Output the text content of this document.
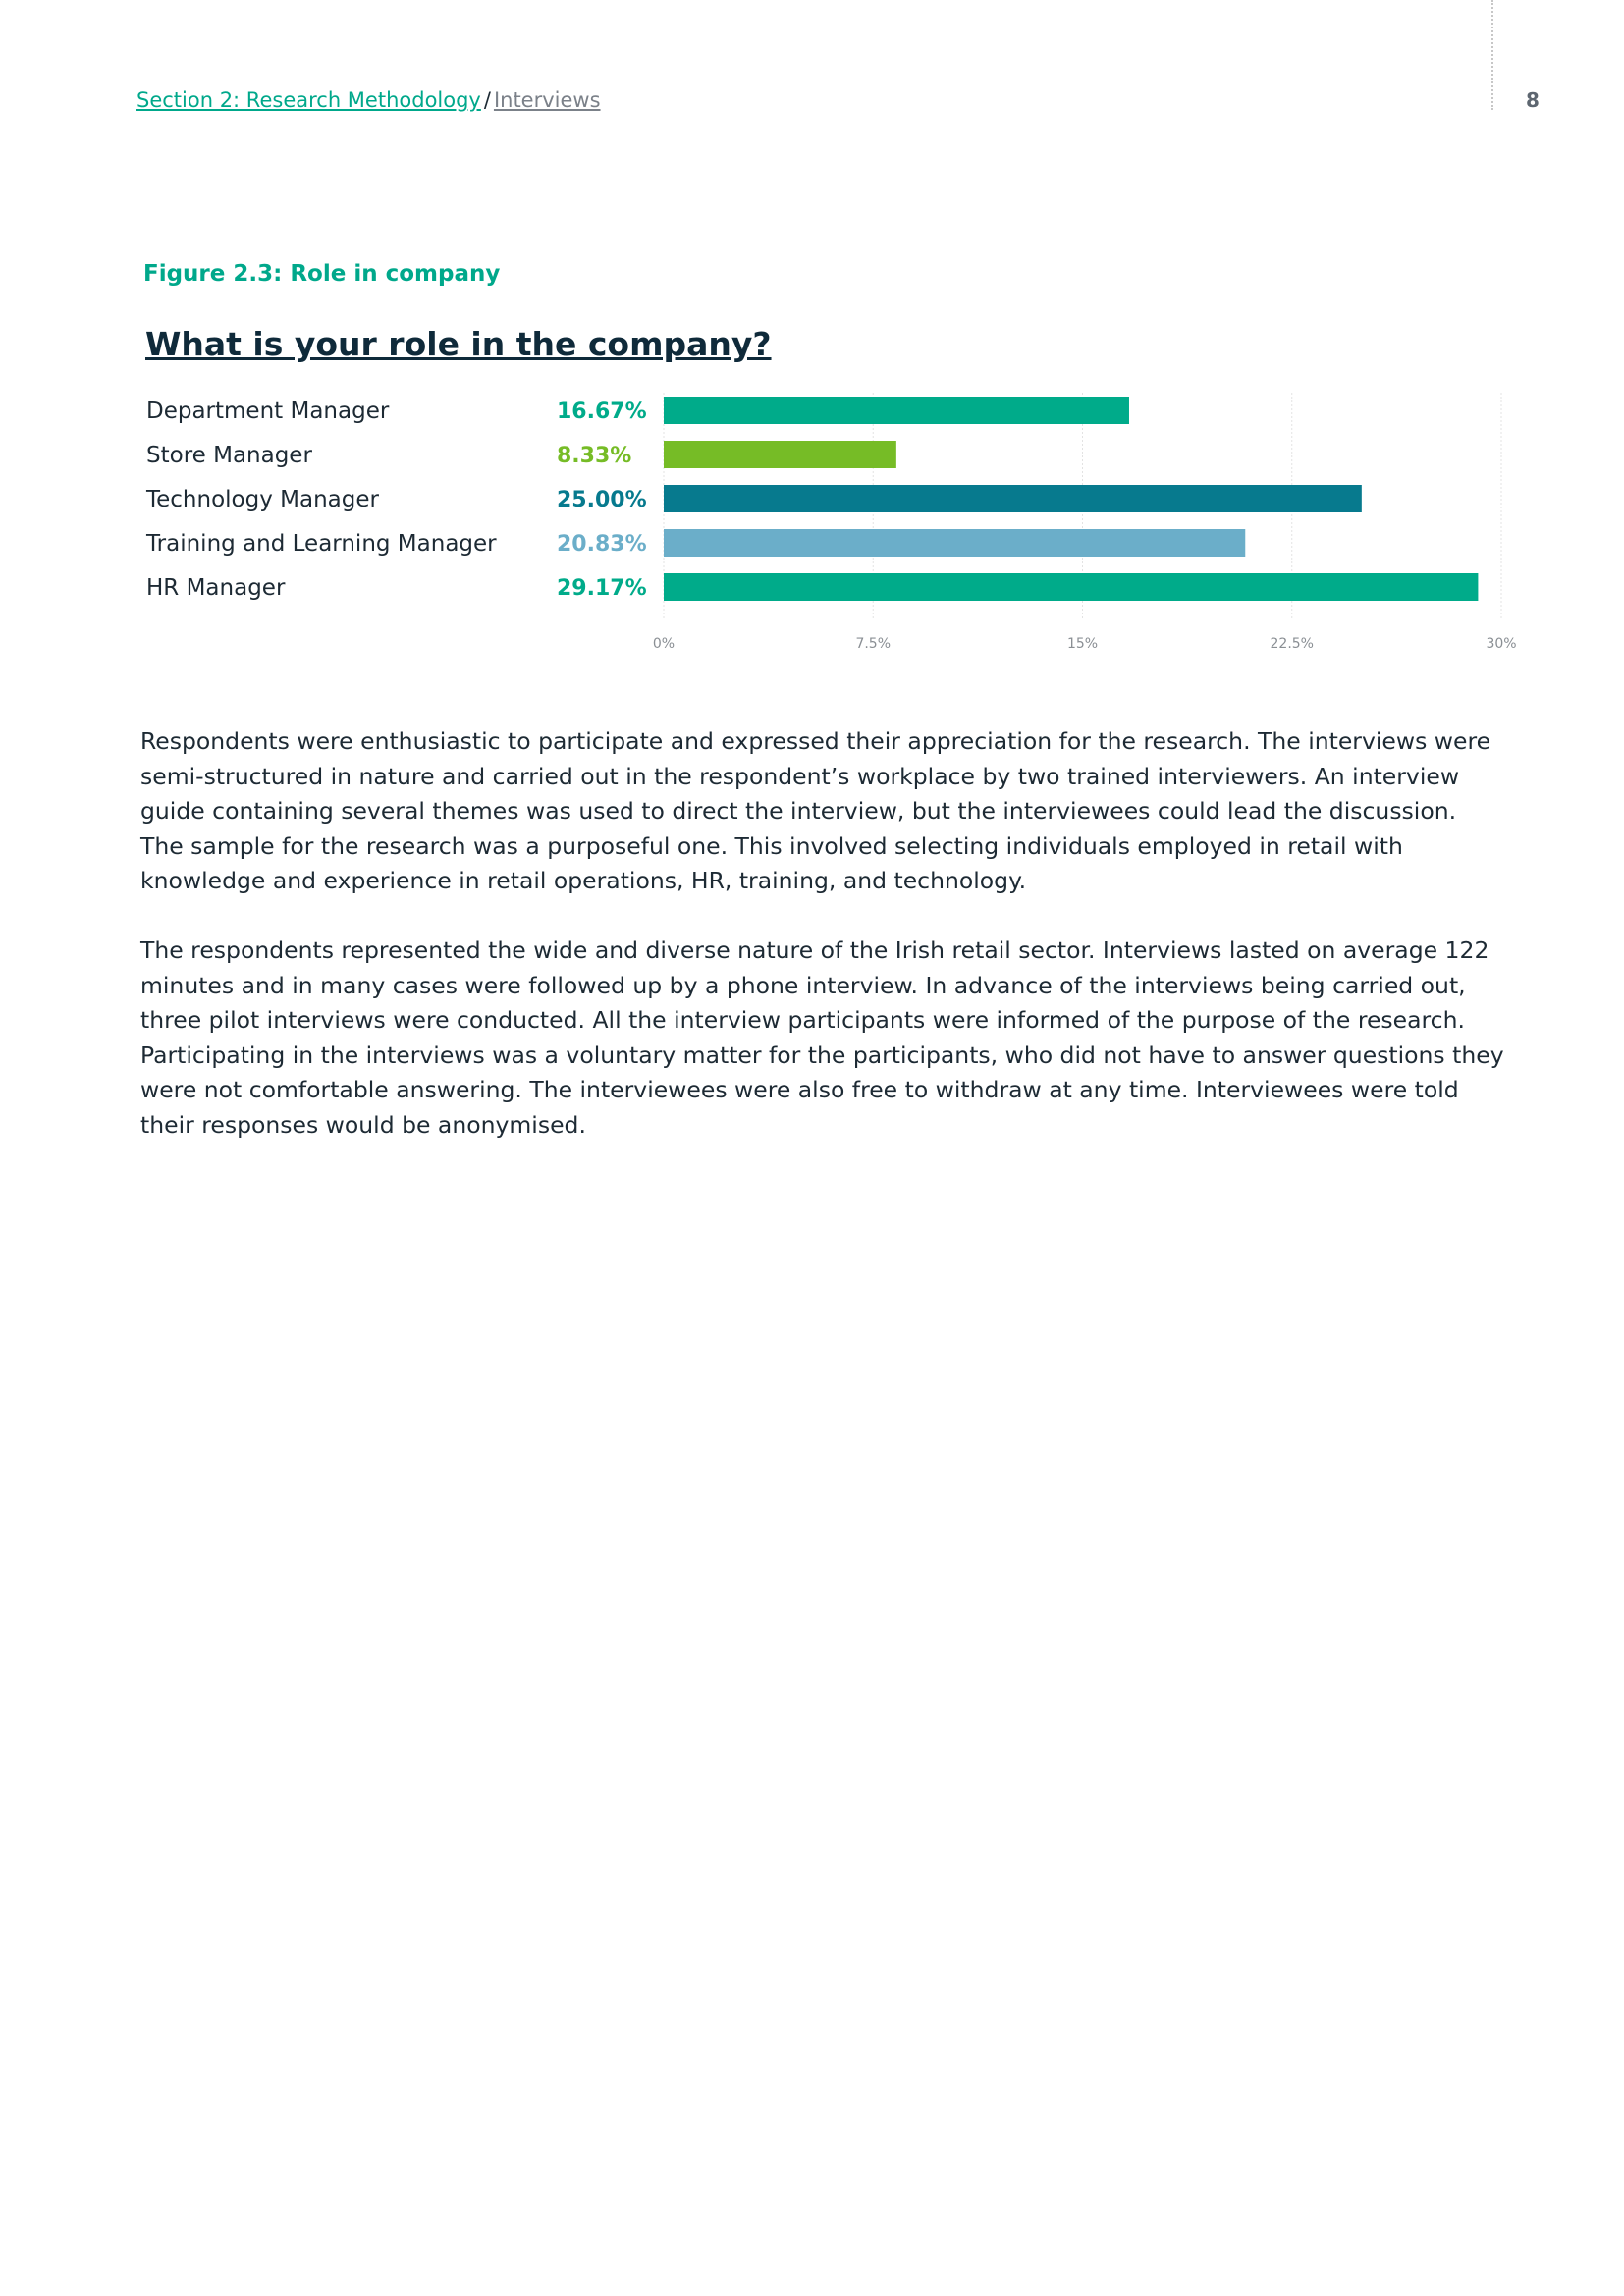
Section 2: Research Methodology / Interviews	8
Figure 2.3: Role in company
What is your role in the company?
Department Manager	16.67%
Store Manager	8.33%
Technology Manager	25.00%
Training and Learning Manager	20.83%
HR Manager	29.17%
0%	7.5%	15%	22.5%	30%

Respondents were enthusiastic to participate and expressed their appreciation for the research. The interviews were semi-structured in nature and carried out in the respondent’s workplace by two trained interviewers. An interview guide containing several themes was used to direct the interview, but the interviewees could lead the discussion. The sample for the research was a purposeful one. This involved selecting individuals employed in retail with knowledge and experience in retail operations, HR, training, and technology.

The respondents represented the wide and diverse nature of the Irish retail sector. Interviews lasted on average 122 minutes and in many cases were followed up by a phone interview. In advance of the interviews being carried out, three pilot interviews were conducted. All the interview participants were informed of the purpose of the research. Participating in the interviews was a voluntary matter for the participants, who did not have to answer questions they were not comfortable answering. The interviewees were also free to withdraw at any time. Interviewees were told their responses would be anonymised.
